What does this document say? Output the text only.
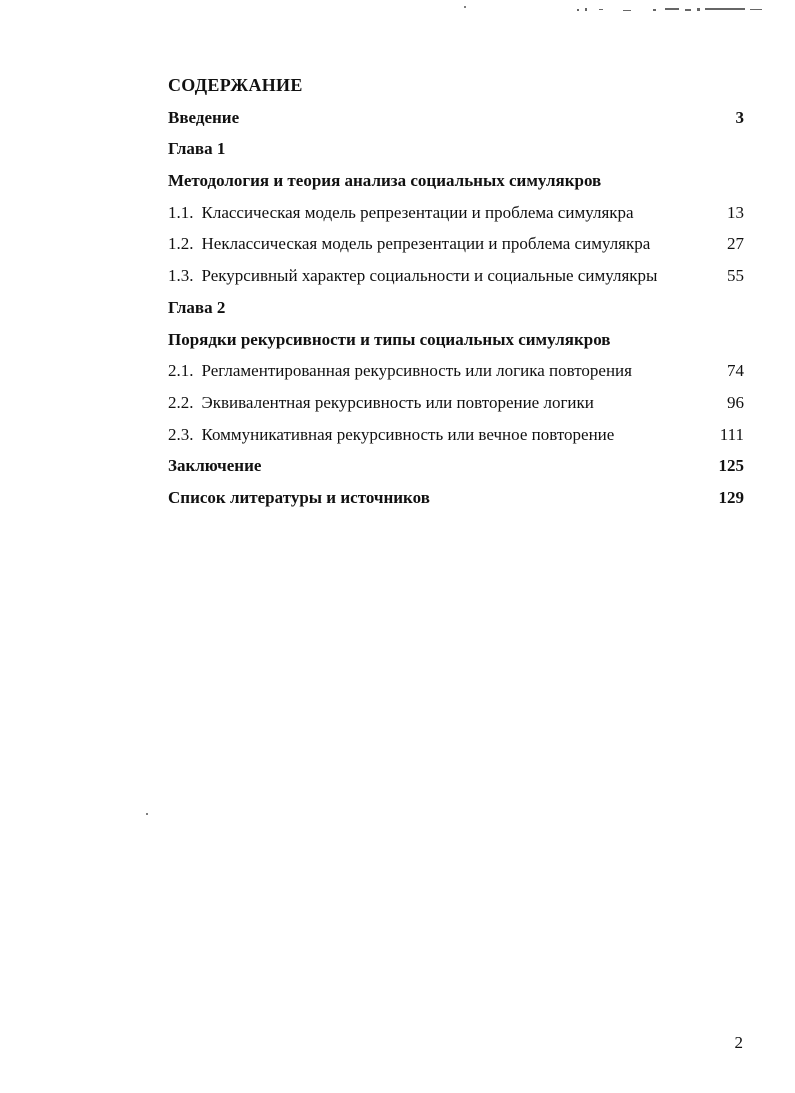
СОДЕРЖАНИЕ
Введение	3
Глава 1
Методология и теория анализа социальных симулякров
1.1. Классическая модель репрезентации и проблема симулякра	13
1.2. Неклассическая модель репрезентации и проблема симулякра	27
1.3. Рекурсивный характер социальности и социальные симулякры	55
Глава 2
Порядки рекурсивности и типы социальных симулякров
2.1. Регламентированная рекурсивность или логика повторения	74
2.2. Эквивалентная рекурсивность или повторение логики	96
2.3. Коммуникативная рекурсивность или вечное повторение	111
Заключение	125
Список литературы и источников	129
2
